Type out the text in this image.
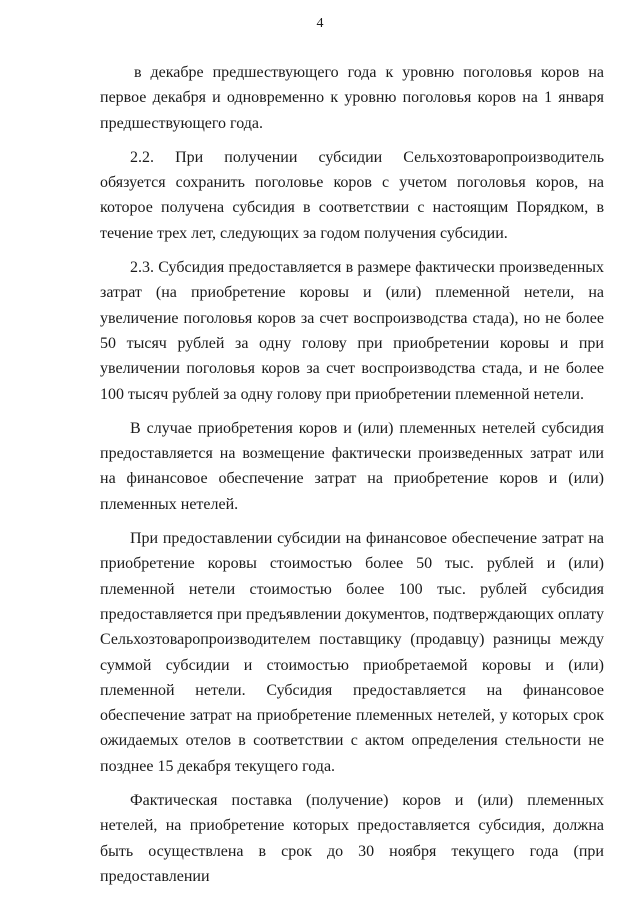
4

в декабре предшествующего года к уровню поголовья коров на первое декабря и одновременно к уровню поголовья коров на 1 января предшествующего года.

2.2. При получении субсидии Сельхозтоваропроизводитель обязуется сохранить поголовье коров с учетом поголовья коров, на которое получена субсидия в соответствии с настоящим Порядком, в течение трех лет, следующих за годом получения субсидии.

2.3. Субсидия предоставляется в размере фактически произведенных затрат (на приобретение коровы и (или) племенной нетели, на увеличение поголовья коров за счет воспроизводства стада), но не более 50 тысяч рублей за одну голову при приобретении коровы и при увеличении поголовья коров за счет воспроизводства стада, и не более 100 тысяч рублей за одну голову при приобретении племенной нетели.

В случае приобретения коров и (или) племенных нетелей субсидия предоставляется на возмещение фактически произведенных затрат или на финансовое обеспечение затрат на приобретение коров и (или) племенных нетелей.

При предоставлении субсидии на финансовое обеспечение затрат на приобретение коровы стоимостью более 50 тыс. рублей и (или) племенной нетели стоимостью более 100 тыс. рублей субсидия предоставляется при предъявлении документов, подтверждающих оплату Сельхозтоваропроизводителем поставщику (продавцу) разницы между суммой субсидии и стоимостью приобретаемой коровы и (или) племенной нетели. Субсидия предоставляется на финансовое обеспечение затрат на приобретение племенных нетелей, у которых срок ожидаемых отелов в соответствии с актом определения стельности не позднее 15 декабря текущего года.

Фактическая поставка (получение) коров и (или) племенных нетелей, на приобретение которых предоставляется субсидия, должна быть осуществлена в срок до 30 ноября текущего года (при предоставлении
